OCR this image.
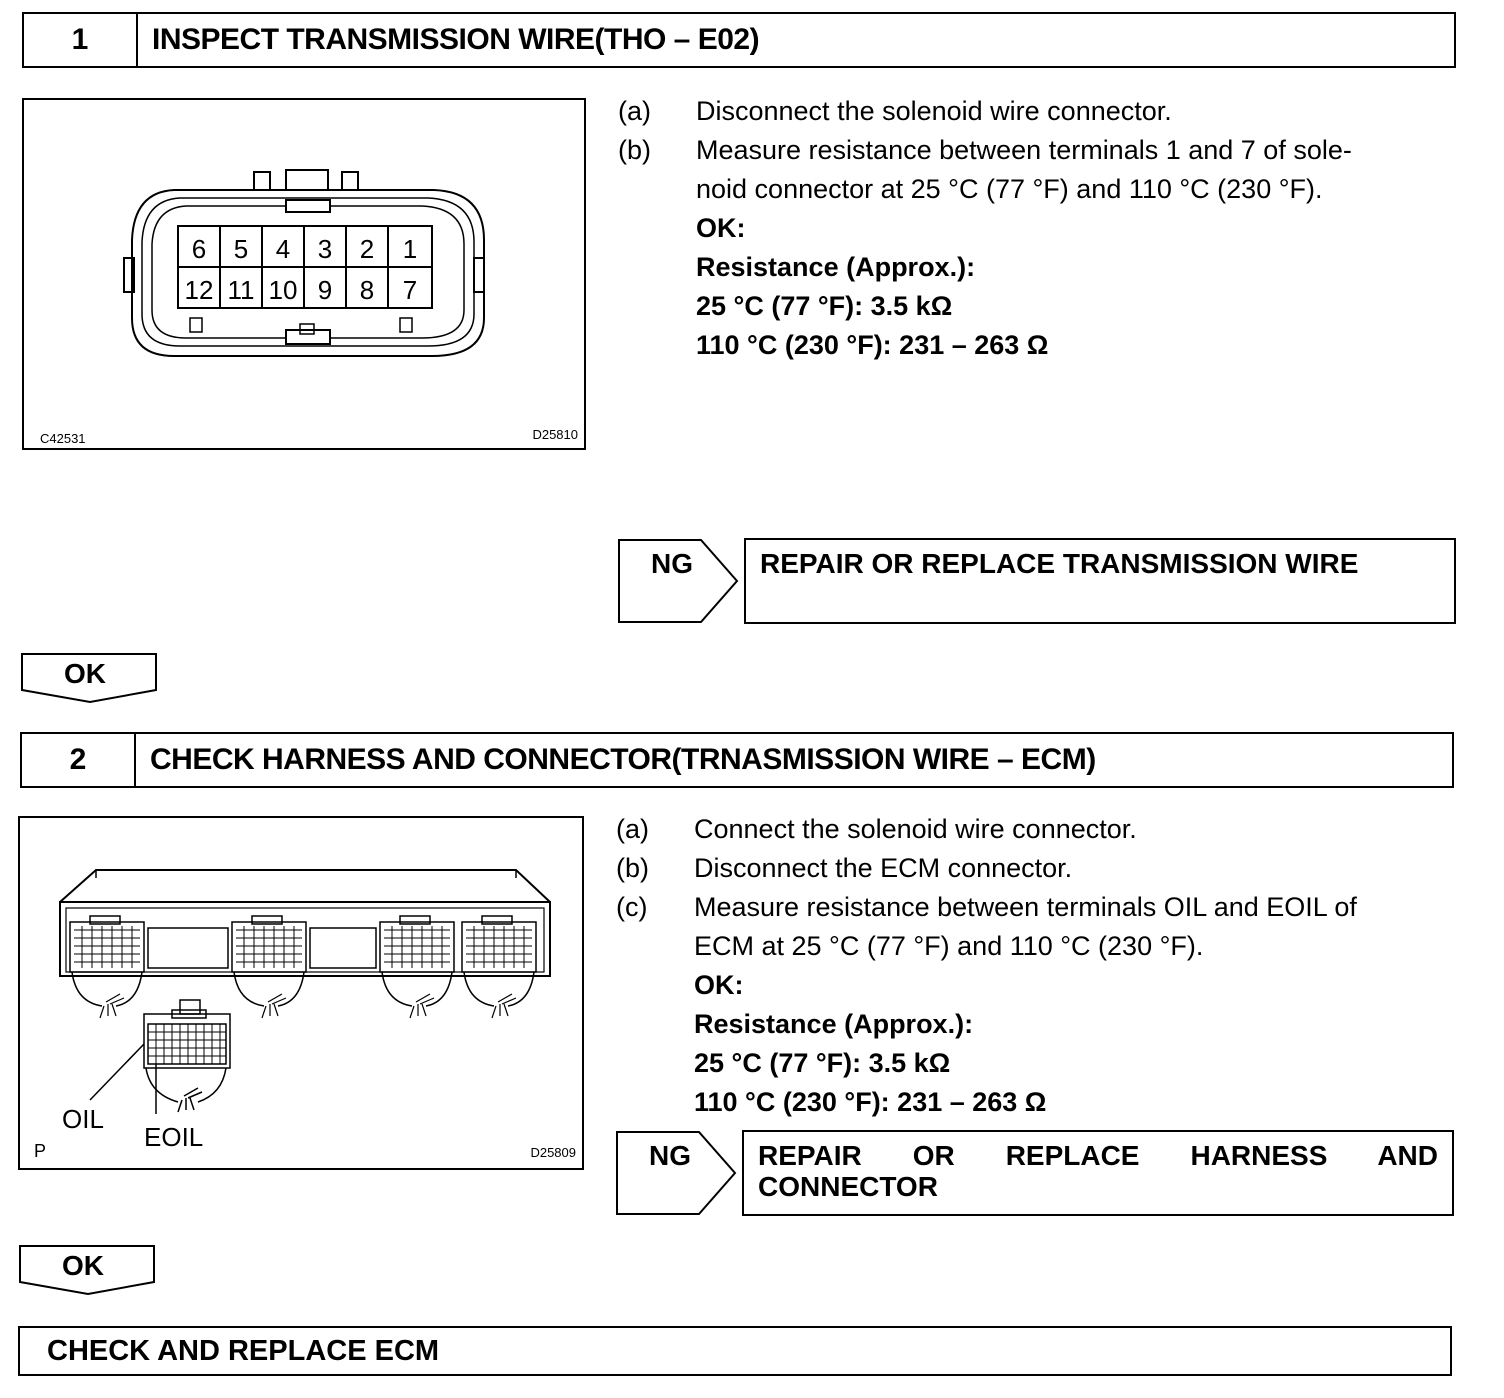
1	INSPECT TRANSMISSION WIRE(THO – E02)
6 5 4 3 2 1
12 11 10 9 8 7
C42531	D25810
(a)	Disconnect the solenoid wire connector.
(b)	Measure resistance between terminals 1 and 7 of sole-
noid connector at 25 °C (77 °F) and 110 °C (230 °F).
OK:
Resistance (Approx.):
25 °C (77 °F): 3.5 kΩ
110 °C (230 °F): 231 – 263 Ω
NG	REPAIR OR REPLACE TRANSMISSION WIRE
OK
2	CHECK HARNESS AND CONNECTOR(TRNASMISSION WIRE – ECM)
OIL
EOIL
P	D25809
(a)	Connect the solenoid wire connector.
(b)	Disconnect the ECM connector.
(c)	Measure resistance between terminals OIL and EOIL of
ECM at 25 °C (77 °F) and 110 °C (230 °F).
OK:
Resistance (Approx.):
25 °C (77 °F): 3.5 kΩ
110 °C (230 °F): 231 – 263 Ω
NG REPAIR OR REPLACE HARNESS AND
CONNECTOR
OK
CHECK AND REPLACE ECM
